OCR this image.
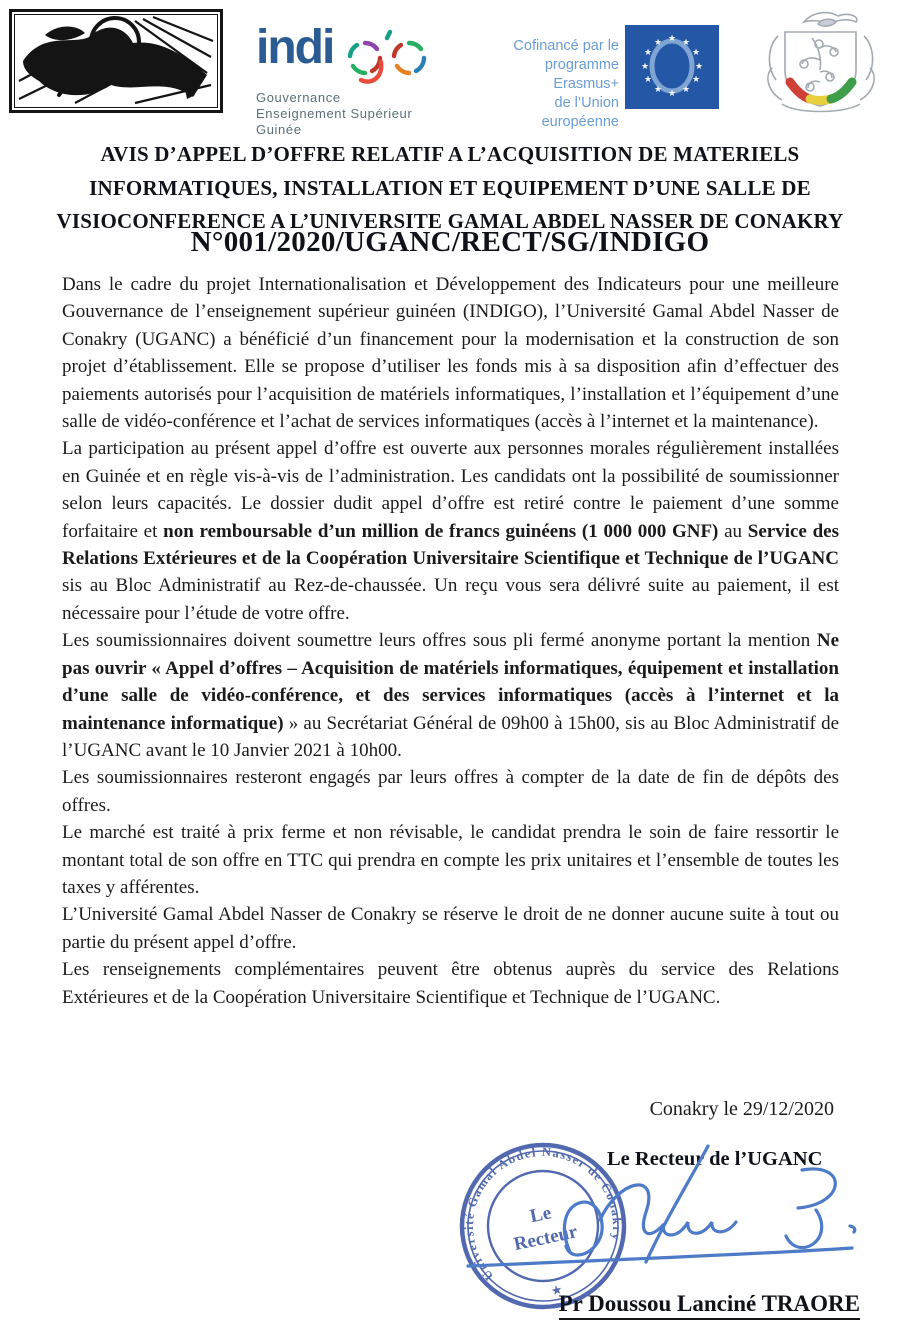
indi
Gouvernance
Enseignement Supérieur
Guinée
Cofinancé par le
programme Erasmus+
de l’Union européenne
★ ★
★
★
★
★
★
★
★
★
★
★
AVIS D’APPEL D’OFFRE RELATIF A L’ACQUISITION DE MATERIELS
INFORMATIQUES, INSTALLATION ET EQUIPEMENT D’UNE SALLE DE
VISIOCONFERENCE A L’UNIVERSITE GAMAL ABDEL NASSER DE CONAKRY
N°001/2020/UGANC/RECT/SG/INDIGO

Dans le cadre du projet Internationalisation et Développement des Indicateurs pour une meilleure Gouvernance de l’enseignement supérieur guinéen (INDIGO), l’Université Gamal Abdel Nasser de Conakry (UGANC) a bénéficié d’un financement pour la modernisation et la construction de son projet d’établissement. Elle se propose d’utiliser les fonds mis à sa disposition afin d’effectuer des paiements autorisés pour l’acquisition de matériels informatiques, l’installation et l’équipement d’une salle de vidéo-conférence et l’achat de services informatiques (accès à l’internet et la maintenance).

La participation au présent appel d’offre est ouverte aux personnes morales régulièrement installées en Guinée et en règle vis-à-vis de l’administration. Les candidats ont la possibilité de soumissionner selon leurs capacités. Le dossier dudit appel d’offre est retiré contre le paiement d’une somme forfaitaire et non remboursable d’un million de francs guinéens (1 000 000 GNF) au Service des Relations Extérieures et de la Coopération Universitaire Scientifique et Technique de l’UGANC sis au Bloc Administratif au Rez-de-chaussée. Un reçu vous sera délivré suite au paiement, il est nécessaire pour l’étude de votre offre.

Les soumissionnaires doivent soumettre leurs offres sous pli fermé anonyme portant la mention Ne pas ouvrir « Appel d’offres – Acquisition de matériels informatiques, équipement et installation d’une salle de vidéo-conférence, et des services informatiques (accès à l’internet et la maintenance informatique) » au Secrétariat Général de 09h00 à 15h00, sis au Bloc Administratif de l’UGANC avant le 10 Janvier 2021 à 10h00.

Les soumissionnaires resteront engagés par leurs offres à compter de la date de fin de dépôts des offres.

Le marché est traité à prix ferme et non révisable, le candidat prendra le soin de faire ressortir le montant total de son offre en TTC qui prendra en compte les prix unitaires et l’ensemble de toutes les taxes y afférentes.

L’Université Gamal Abdel Nasser de Conakry se réserve le droit de ne donner aucune suite à tout ou partie du présent appel d’offre.

Les renseignements complémentaires peuvent être obtenus auprès du service des Relations Extérieures et de la Coopération Universitaire Scientifique et Technique de l’UGANC.

Conakry le 29/12/2020
Le Recteur de l’UGANC
Université Gamal Abdel Nasser de Conakry
★
Le
Recteur
Pr Doussou Lanciné TRAORE
